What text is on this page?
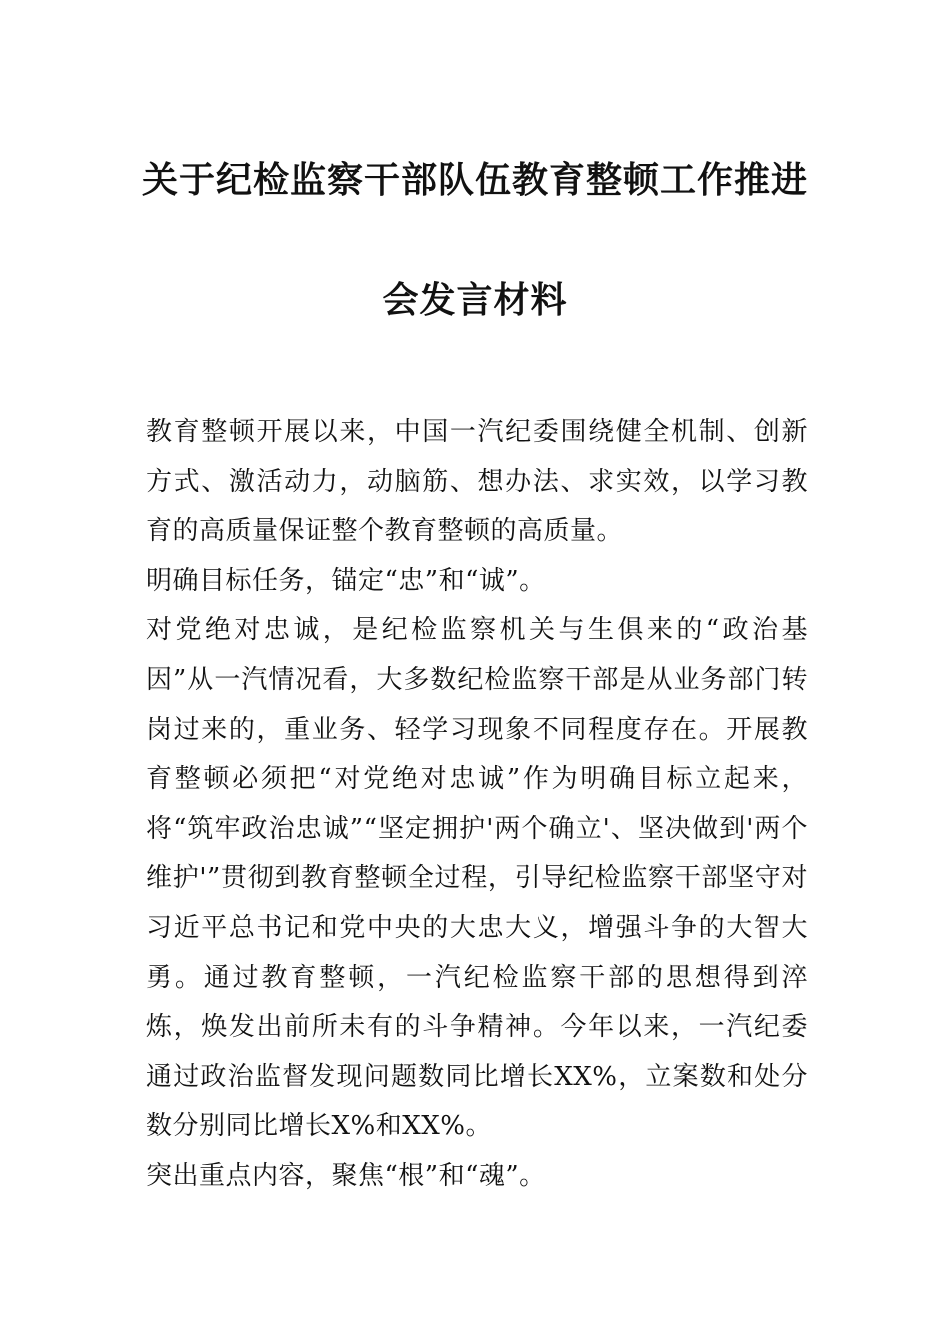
关于纪检监察干部队伍教育整顿工作推进
会发言材料

教育整顿开展以来，中国一汽纪委围绕健全机制、创新方式、激活动力，动脑筋、想办法、求实效，以学习教育的高质量保证整个教育整顿的高质量。

明确目标任务，锚定“忠”和“诚”。

对党绝对忠诚，是纪检监察机关与生俱来的“政治基因”从一汽情况看，大多数纪检监察干部是从业务部门转岗过来的，重业务、轻学习现象不同程度存在。开展教育整顿必须把“对党绝对忠诚”作为明确目标立起来，将“筑牢政治忠诚”“坚定拥护'两个确立'、坚决做到'两个维护'”贯彻到教育整顿全过程，引导纪检监察干部坚守对习近平总书记和党中央的大忠大义，增强斗争的大智大勇。通过教育整顿，一汽纪检监察干部的思想得到淬炼，焕发出前所未有的斗争精神。今年以来，一汽纪委通过政治监督发现问题数同比增长XX%，立案数和处分数分别同比增长X%和XX%。

突出重点内容，聚焦“根”和“魂”。
